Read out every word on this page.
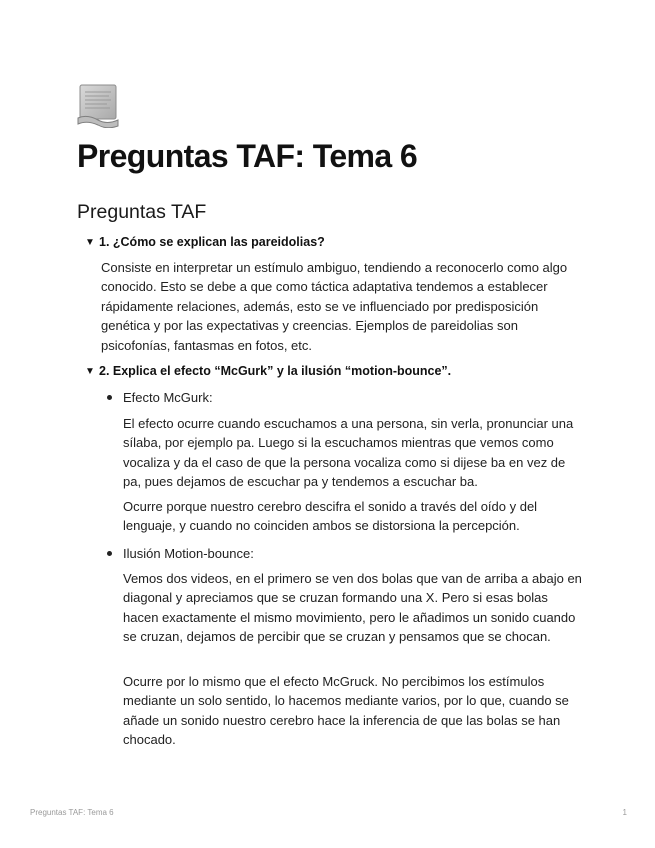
Preguntas TAF: Tema 6
Preguntas TAF
▼ 1. ¿Cómo se explican las pareidolias?

Consiste en interpretar un estímulo ambiguo, tendiendo a reconocerlo como algo conocido. Esto se debe a que como táctica adaptativa tendemos a establecer rápidamente relaciones, además, esto se ve influenciado por predisposición genética y por las expectativas y creencias. Ejemplos de pareidolias son psicofonías, fantasmas en fotos, etc.

▼ 2. Explica el efecto “McGurk” y la ilusión “motion-bounce”.
Efecto McGurk:

El efecto ocurre cuando escuchamos a una persona, sin verla, pronunciar una sílaba, por ejemplo pa. Luego si la escuchamos mientras que vemos como vocaliza y da el caso de que la persona vocaliza como si dijese ba en vez de pa, pues dejamos de escuchar pa y tendemos a escuchar ba.

Ocurre porque nuestro cerebro descifra el sonido a través del oído y del lenguaje, y cuando no coinciden ambos se distorsiona la percepción.

Ilusión Motion-bounce:

Vemos dos videos, en el primero se ven dos bolas que van de arriba a abajo en diagonal y apreciamos que se cruzan formando una X. Pero si esas bolas hacen exactamente el mismo movimiento, pero le añadimos un sonido cuando se cruzan, dejamos de percibir que se cruzan y pensamos que se chocan.

Ocurre por lo mismo que el efecto McGruck. No percibimos los estímulos mediante un solo sentido, lo hacemos mediante varios, por lo que, cuando se añade un sonido nuestro cerebro hace la inferencia de que las bolas se han chocado.

Preguntas TAF: Tema 6	1
